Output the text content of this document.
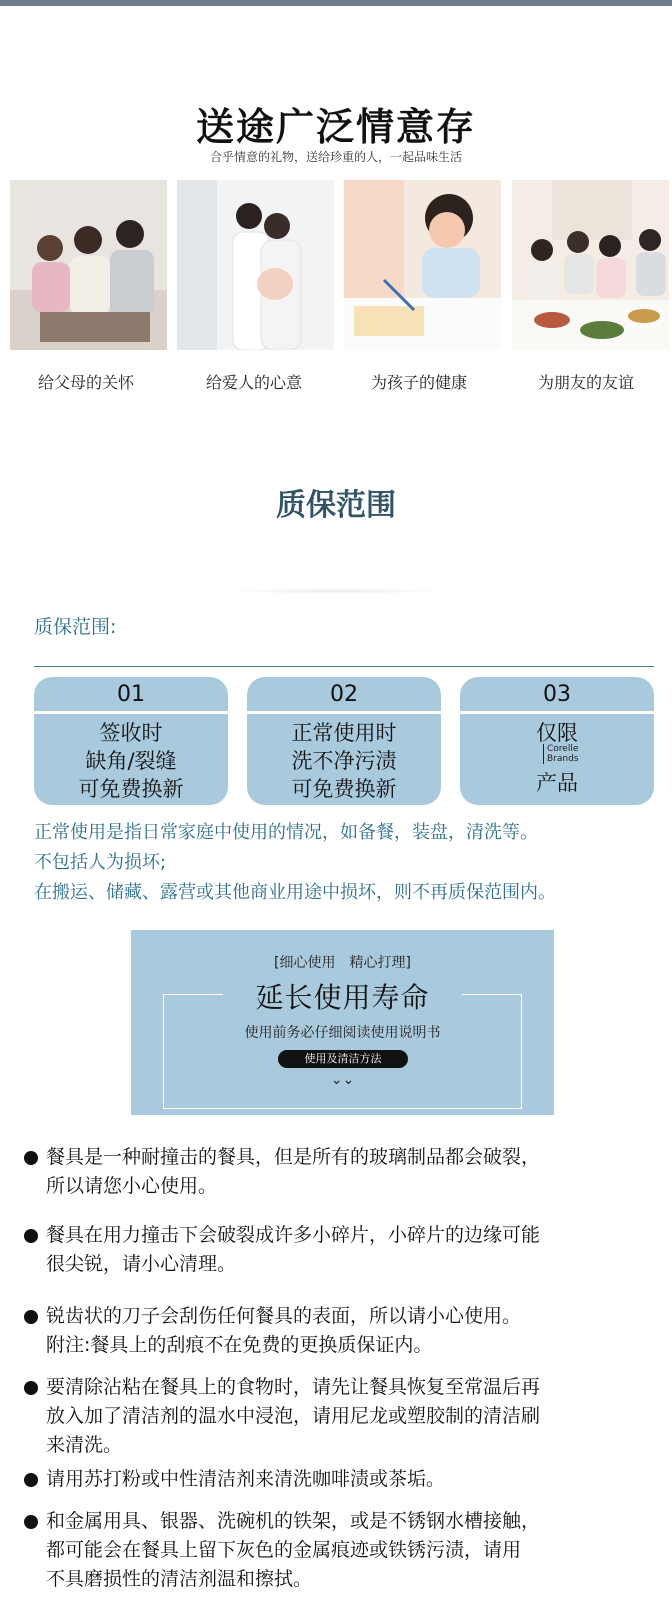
送途广泛情意存
合乎情意的礼物，送给珍重的人，一起品味生活
给父母的关怀	给爱人的心意	为孩子的健康	为朋友的友谊
质保范围
质保范围:
01
签收时
缺角/裂缝
可免费换新
02
正常使用时
洗不净污渍
可免费换新
03
仅限
Corelle
Brands
产品
正常使用是指日常家庭中使用的情况，如备餐，装盘，清洗等。
不包括人为损坏;
在搬运、储藏、露营或其他商业用途中损坏，则不再质保范围内。
[细心使用　精心打理]
延长使用寿命
使用前务必仔细阅读使用说明书
使用及清洁方法
⌄⌄
餐具是一种耐撞击的餐具，但是所有的玻璃制品都会破裂，
所以请您小心使用。
餐具在用力撞击下会破裂成许多小碎片，小碎片的边缘可能
很尖锐，请小心清理。
锐齿状的刀子会刮伤任何餐具的表面，所以请小心使用。
附注:餐具上的刮痕不在免费的更换质保证内。
要清除沾粘在餐具上的食物时，请先让餐具恢复至常温后再
放入加了清洁剂的温水中浸泡，请用尼龙或塑胶制的清洁刷
来清洗。
请用苏打粉或中性清洁剂来清洗咖啡渍或茶垢。
和金属用具、银器、洗碗机的铁架，或是不锈钢水槽接触，
都可能会在餐具上留下灰色的金属痕迹或铁锈污渍，请用
不具磨损性的清洁剂温和擦拭。
